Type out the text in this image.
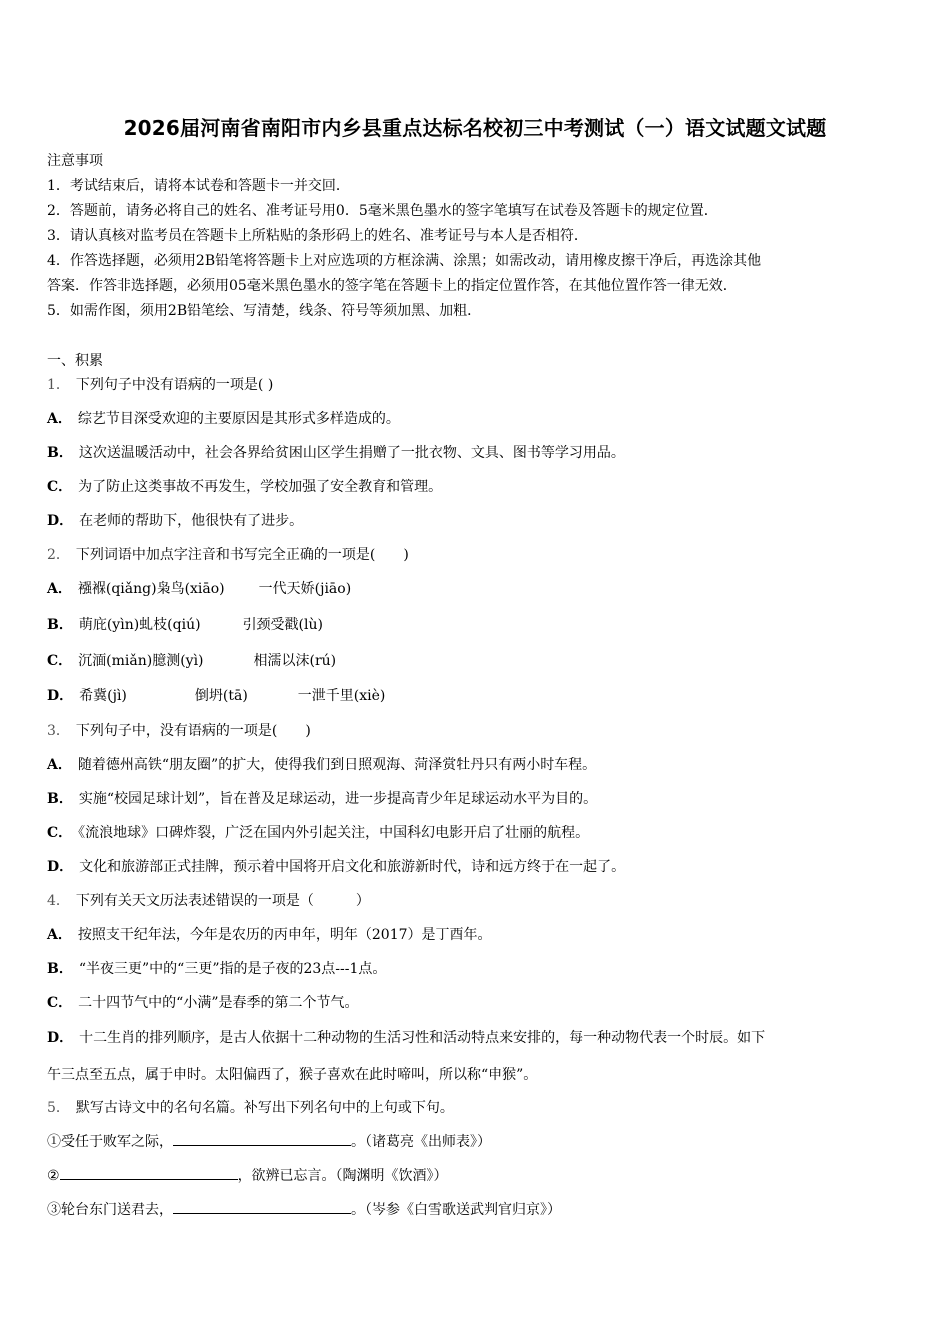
2026届河南省南阳市内乡县重点达标名校初三中考测试（一）语文试题文试题
注意事项
1．考试结束后，请将本试卷和答题卡一并交回．
2．答题前，请务必将自己的姓名、准考证号用0．5毫米黑色墨水的签字笔填写在试卷及答题卡的规定位置．
3．请认真核对监考员在答题卡上所粘贴的条形码上的姓名、准考证号与本人是否相符．
4．作答选择题，必须用2B铅笔将答题卡上对应选项的方框涂满、涂黑；如需改动，请用橡皮擦干净后，再选涂其他
答案．作答非选择题，必须用05毫米黑色墨水的签字笔在答题卡上的指定位置作答，在其他位置作答一律无效．
5．如需作图，须用2B铅笔绘、写清楚，线条、符号等须加黑、加粗．
一、积累
1． 下列句子中没有语病的一项是( )
A． 综艺节目深受欢迎的主要原因是其形式多样造成的。
B． 这次送温暖活动中，社会各界给贫困山区学生捐赠了一批衣物、文具、图书等学习用品。
C． 为了防止这类事故不再发生，学校加强了安全教育和管理。
D． 在老师的帮助下，他很快有了进步。
2． 下列词语中加点字注音和书写完全正确的一项是(　　)
A． 襁褓(qiǎng)枭鸟(xiāo) 一代天娇(jiāo)
B． 萌庇(yìn)虬枝(qiú)	引颈受戳(lù)
C． 沉湎(miǎn)臆测(yì)	相濡以沫(rú)
D． 希冀(jì)	倒坍(tā)	一泄千里(xiè)
3． 下列句子中，没有语病的一项是(　　)
A． 随着德州高铁“朋友圈”的扩大，使得我们到日照观海、菏泽赏牡丹只有两小时车程。
B． 实施“校园足球计划”，旨在普及足球运动，进一步提高青少年足球运动水平为目的。
C． 《流浪地球》口碑炸裂，广泛在国内外引起关注，中国科幻电影开启了壮丽的航程。
D． 文化和旅游部正式挂牌，预示着中国将开启文化和旅游新时代，诗和远方终于在一起了。
4． 下列有关天文历法表述错误的一项是（　　　）
A． 按照支干纪年法，今年是农历的丙申年，明年（2017）是丁酉年。
B． “半夜三更”中的“三更”指的是子夜的23点---1点。
C． 二十四节气中的“小满”是春季的第二个节气。
D． 十二生肖的排列顺序，是古人依据十二种动物的生活习性和活动特点来安排的，每一种动物代表一个时辰。如下
午三点至五点，属于申时。太阳偏西了，猴子喜欢在此时啼叫，所以称“申猴”。
5． 默写古诗文中的名句名篇。补写出下列名句中的上句或下句。
①受任于败军之际，	。（诸葛亮《出师表》）
②	，欲辨已忘言。（陶渊明《饮酒》）
③轮台东门送君去，	。（岑参《白雪歌送武判官归京》）
